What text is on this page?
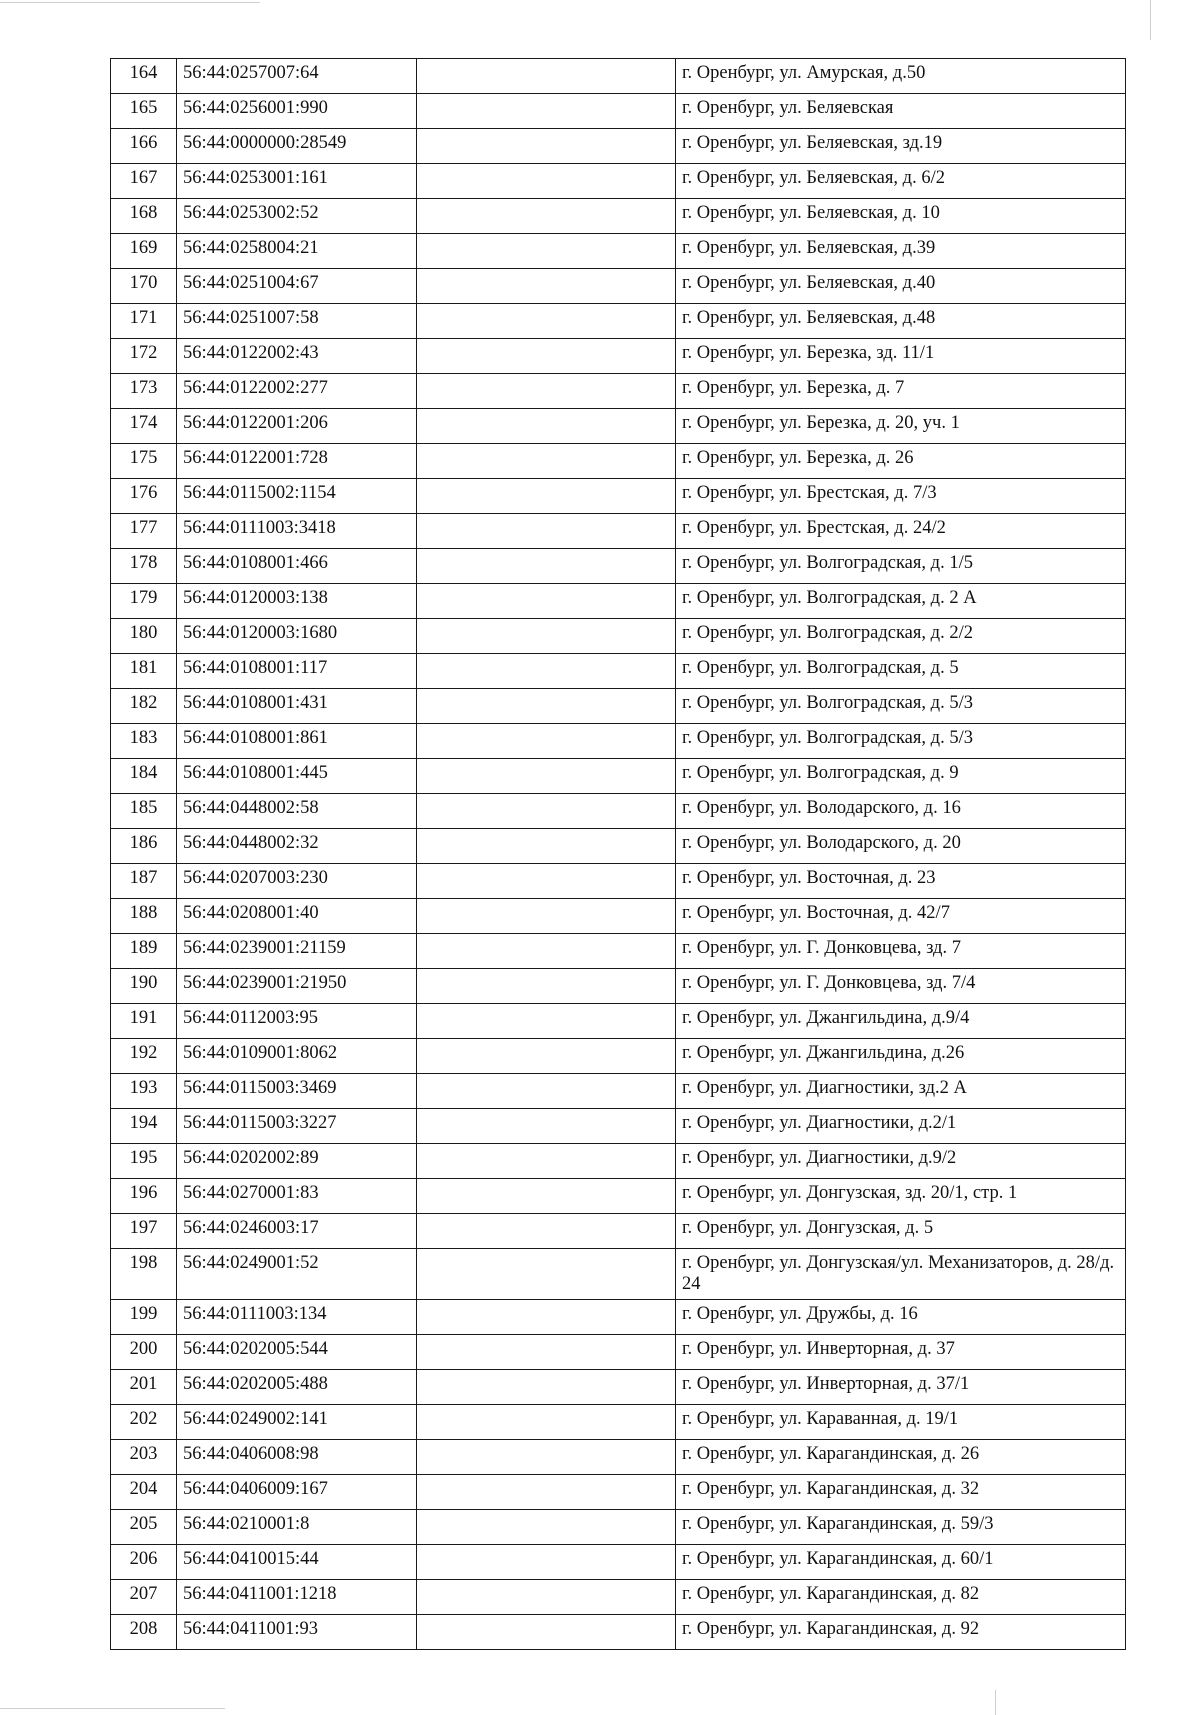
164	56:44:0257007:64		г. Оренбург, ул. Амурская, д.50
165	56:44:0256001:990		г. Оренбург, ул. Беляевская
166	56:44:0000000:28549		г. Оренбург, ул. Беляевская, зд.19
167	56:44:0253001:161		г. Оренбург, ул. Беляевская, д. 6/2
168	56:44:0253002:52		г. Оренбург, ул. Беляевская, д. 10
169	56:44:0258004:21		г. Оренбург, ул. Беляевская, д.39
170	56:44:0251004:67		г. Оренбург, ул. Беляевская, д.40
171	56:44:0251007:58		г. Оренбург, ул. Беляевская, д.48
172	56:44:0122002:43		г. Оренбург, ул. Березка, зд. 11/1
173	56:44:0122002:277		г. Оренбург, ул. Березка, д. 7
174	56:44:0122001:206		г. Оренбург, ул. Березка, д. 20, уч. 1
175	56:44:0122001:728		г. Оренбург, ул. Березка, д. 26
176	56:44:0115002:1154		г. Оренбург, ул. Брестская, д. 7/3
177	56:44:0111003:3418		г. Оренбург, ул. Брестская, д. 24/2
178	56:44:0108001:466		г. Оренбург, ул. Волгоградская, д. 1/5
179	56:44:0120003:138		г. Оренбург, ул. Волгоградская, д. 2 А
180	56:44:0120003:1680		г. Оренбург, ул. Волгоградская, д. 2/2
181	56:44:0108001:117		г. Оренбург, ул. Волгоградская, д. 5
182	56:44:0108001:431		г. Оренбург, ул. Волгоградская, д. 5/3
183	56:44:0108001:861		г. Оренбург, ул. Волгоградская, д. 5/3
184	56:44:0108001:445		г. Оренбург, ул. Волгоградская, д. 9
185	56:44:0448002:58		г. Оренбург, ул. Володарского, д. 16
186	56:44:0448002:32		г. Оренбург, ул. Володарского, д. 20
187	56:44:0207003:230		г. Оренбург, ул. Восточная, д. 23
188	56:44:0208001:40		г. Оренбург, ул. Восточная, д. 42/7
189	56:44:0239001:21159		г. Оренбург, ул. Г. Донковцева, зд. 7
190	56:44:0239001:21950		г. Оренбург, ул. Г. Донковцева, зд. 7/4
191	56:44:0112003:95		г. Оренбург, ул. Джангильдина, д.9/4
192	56:44:0109001:8062		г. Оренбург, ул. Джангильдина, д.26
193	56:44:0115003:3469		г. Оренбург, ул. Диагностики, зд.2 А
194	56:44:0115003:3227		г. Оренбург, ул. Диагностики, д.2/1
195	56:44:0202002:89		г. Оренбург, ул. Диагностики, д.9/2
196	56:44:0270001:83		г. Оренбург, ул. Донгузская, зд. 20/1, стр. 1
197	56:44:0246003:17		г. Оренбург, ул. Донгузская, д. 5
198	56:44:0249001:52		г. Оренбург, ул. Донгузская/ул. Механизаторов, д. 28/д. 24
199	56:44:0111003:134		г. Оренбург, ул. Дружбы, д. 16
200	56:44:0202005:544		г. Оренбург, ул. Инверторная, д. 37
201	56:44:0202005:488		г. Оренбург, ул. Инверторная, д. 37/1
202	56:44:0249002:141		г. Оренбург, ул. Караванная, д. 19/1
203	56:44:0406008:98		г. Оренбург, ул. Карагандинская, д. 26
204	56:44:0406009:167		г. Оренбург, ул. Карагандинская, д. 32
205	56:44:0210001:8		г. Оренбург, ул. Карагандинская, д. 59/3
206	56:44:0410015:44		г. Оренбург, ул. Карагандинская, д. 60/1
207	56:44:0411001:1218		г. Оренбург, ул. Карагандинская, д. 82
208	56:44:0411001:93		г. Оренбург, ул. Карагандинская, д. 92
